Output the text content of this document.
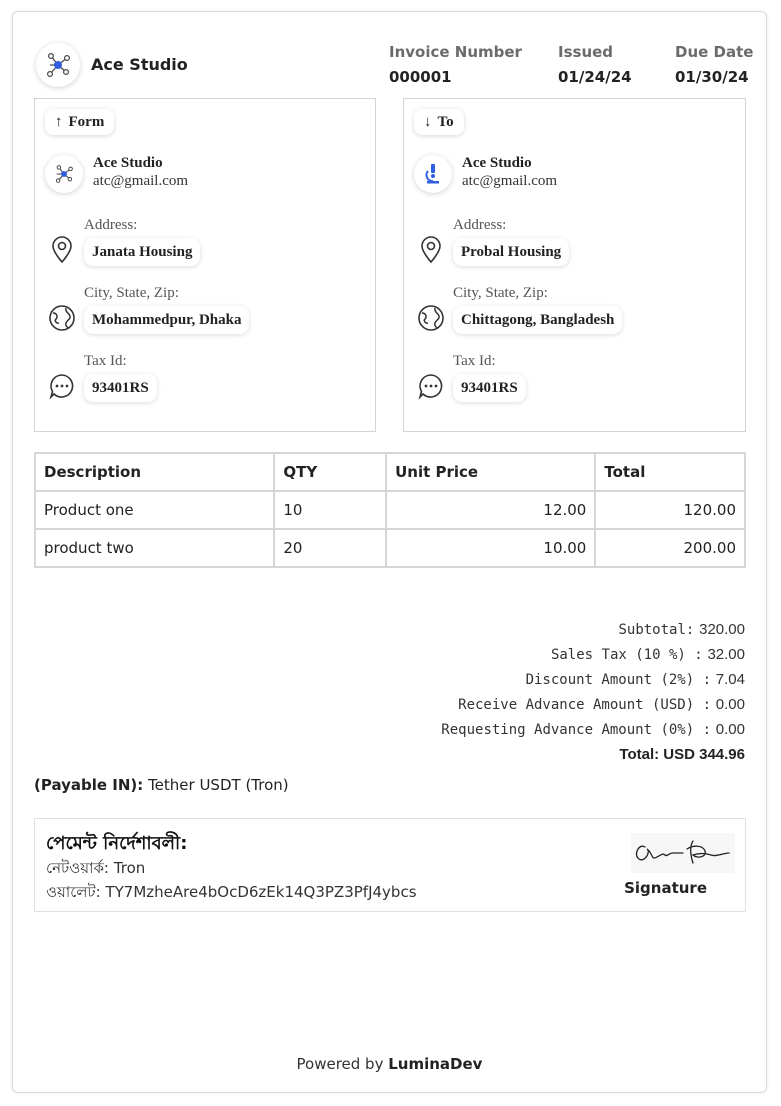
Ace Studio
Invoice Number
000001
Issued
01/24/24
Due Date
01/30/24
↑ Form
Ace Studio
atc@gmail.com
Address:
Janata Housing
City, State, Zip:
Mohammedpur, Dhaka
Tax Id:
93401RS
↓ To
Ace Studio
atc@gmail.com
Address:
Probal Housing
City, State, Zip:
Chittagong, Bangladesh
Tax Id:
93401RS
Description	QTY	Unit Price	Total
Product one	10	12.00	120.00
product two	20	10.00	200.00
Subtotal: 320.00
Sales Tax (10 %) : 32.00
Discount Amount (2%) : 7.04
Receive Advance Amount (USD) : 0.00
Requesting Advance Amount (0%) : 0.00
Total: USD 344.96
(Payable IN): Tether USDT (Tron)
পেমেন্ট নির্দেশাবলী:
নেটওয়ার্ক: Tron
ওয়ালেট: TY7MzheAre4bOcD6zEk14Q3PZ3PfJ4ybcs	Signature
Powered by LuminaDev
